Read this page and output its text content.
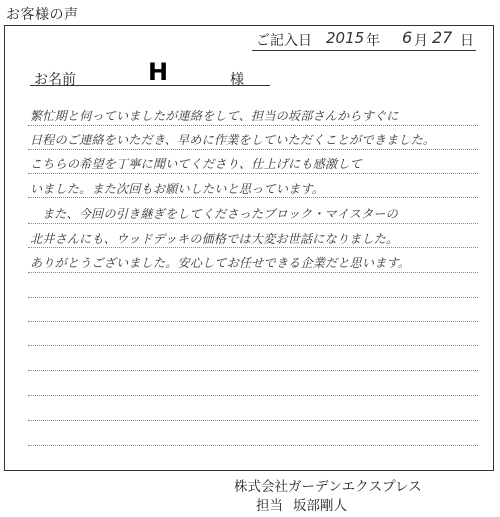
お客様の声
ご記入日 2015 年 6 月 27 日
お名前	H	様
繁忙期と伺っていましたが連絡をして、担当の坂部さんからすぐに
日程のご連絡をいただき、早めに作業をしていただくことができました。
こちらの希望を丁寧に聞いてくださり、仕上げにも感激して
いました。また次回もお願いしたいと思っています。
また、今回の引き継ぎをしてくださったブロック・マイスターの
北井さんにも、ウッドデッキの価格では大変お世話になりました。
ありがとうございました。安心してお任せできる企業だと思います。
株式会社ガーデンエクスプレス
担当 坂部剛人
